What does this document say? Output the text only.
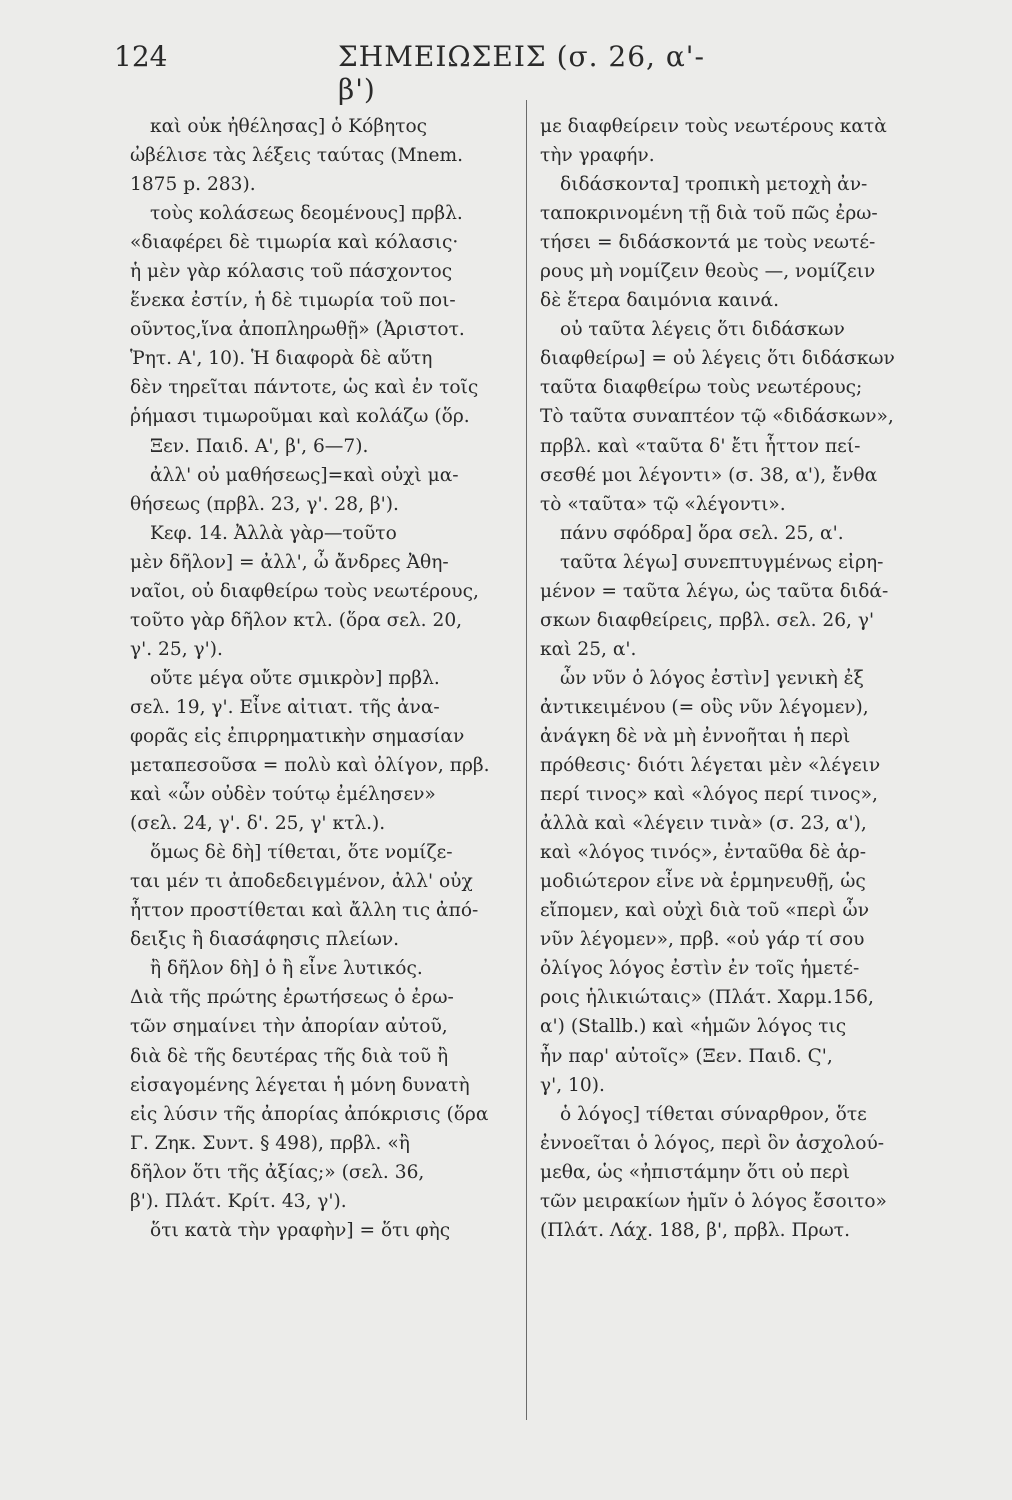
124	ΣΗΜΕΙΩΣΕΙΣ (σ. 26, α'-β')
καὶ οὐκ ἠθέλησας] ὁ Κόβητος
ὠβέλισε τὰς λέξεις ταύτας (Mnem.
1875 p. 283).
τοὺς κολάσεως δεομένους] πρβλ.
«διαφέρει δὲ τιμωρία καὶ κόλασις·
ἡ μὲν γὰρ κόλασις τοῦ πάσχοντος
ἕνεκα ἐστίν, ἡ δὲ τιμωρία τοῦ ποι-
οῦντος,ἵνα ἀποπληρωθῇ» (Ἀριστοτ.
Ῥητ. Α', 10). Ἡ διαφορὰ δὲ αὕτη
δὲν τηρεῖται πάντοτε, ὡς καὶ ἐν τοῖς
ῥήμασι τιμωροῦμαι καὶ κολάζω (ὅρ.
Ξεν. Παιδ. Α', β', 6—7).
ἀλλ' οὐ μαθήσεως]=καὶ οὐχὶ μα-
θήσεως (πρβλ. 23, γ'. 28, β').
Κεφ. 14. Ἀλλὰ γὰρ—τοῦτο
μὲν δῆλον] = ἀλλ', ὦ ἄνδρες Ἀθη-
ναῖοι, οὐ διαφθείρω τοὺς νεωτέρους,
τοῦτο γὰρ δῆλον κτλ. (ὅρα σελ. 20,
γ'. 25, γ').
οὔτε μέγα οὔτε σμικρὸν] πρβλ.
σελ. 19, γ'. Εἶνε αἰτιατ. τῆς ἀνα-
φορᾶς εἰς ἐπιρρηματικὴν σημασίαν
μεταπεσοῦσα = πολὺ καὶ ὀλίγον, πρβ.
καὶ «ὧν οὐδὲν τούτῳ ἐμέλησεν»
(σελ. 24, γ'. δ'. 25, γ' κτλ.).
ὅμως δὲ δὴ] τίθεται, ὅτε νομίζε-
ται μέν τι ἀποδεδειγμένον, ἀλλ' οὐχ
ἧττον προστίθεται καὶ ἄλλη τις ἀπό-
δειξις ἢ διασάφησις πλείων.
ἢ δῆλον δὴ] ὁ ἢ εἶνε λυτικός.
Διὰ τῆς πρώτης ἐρωτήσεως ὁ ἐρω-
τῶν σημαίνει τὴν ἀπορίαν αὐτοῦ,
διὰ δὲ τῆς δευτέρας τῆς διὰ τοῦ ἢ
εἰσαγομένης λέγεται ἡ μόνη δυνατὴ
εἰς λύσιν τῆς ἀπορίας ἀπόκρισις (ὅρα
Γ. Ζηκ. Συντ. § 498), πρβλ. «ἢ
δῆλον ὅτι τῆς ἀξίας;» (σελ. 36,
β'). Πλάτ. Κρίτ. 43, γ').
ὅτι κατὰ τὴν γραφὴν] = ὅτι φὴς
με διαφθείρειν τοὺς νεωτέρους κατὰ
τὴν γραφήν.
διδάσκοντα] τροπικὴ μετοχὴ ἀν-
ταποκρινομένη τῇ διὰ τοῦ πῶς ἐρω-
τήσει = διδάσκοντά με τοὺς νεωτέ-
ρους μὴ νομίζειν θεοὺς —, νομίζειν
δὲ ἕτερα δαιμόνια καινά.
οὐ ταῦτα λέγεις ὅτι διδάσκων
διαφθείρω] = οὐ λέγεις ὅτι διδάσκων
ταῦτα διαφθείρω τοὺς νεωτέρους;
Τὸ ταῦτα συναπτέον τῷ «διδάσκων»,
πρβλ. καὶ «ταῦτα δ' ἔτι ἧττον πεί-
σεσθέ μοι λέγοντι» (σ. 38, α'), ἔνθα
τὸ «ταῦτα» τῷ «λέγοντι».
πάνυ σφόδρα] ὅρα σελ. 25, α'.
ταῦτα λέγω] συνεπτυγμένως εἰρη-
μένον = ταῦτα λέγω, ὡς ταῦτα διδά-
σκων διαφθείρεις, πρβλ. σελ. 26, γ'
καὶ 25, α'.
ὧν νῦν ὁ λόγος ἐστὶν] γενικὴ ἐξ
ἀντικειμένου (= οὓς νῦν λέγομεν),
ἀνάγκη δὲ νὰ μὴ ἐννοῆται ἡ περὶ
πρόθεσις· διότι λέγεται μὲν «λέγειν
περί τινος» καὶ «λόγος περί τινος»,
ἀλλὰ καὶ «λέγειν τινὰ» (σ. 23, α'),
καὶ «λόγος τινός», ἐνταῦθα δὲ ἁρ-
μοδιώτερον εἶνε νὰ ἑρμηνευθῇ, ὡς
εἴπομεν, καὶ οὐχὶ διὰ τοῦ «περὶ ὧν
νῦν λέγομεν», πρβ. «οὐ γάρ τί σου
ὀλίγος λόγος ἐστὶν ἐν τοῖς ἡμετέ-
ροις ἡλικιώταις» (Πλάτ. Χαρμ.156,
α') (Stallb.) καὶ «ἡμῶν λόγος τις
ἦν παρ' αὐτοῖς» (Ξεν. Παιδ. Ϛ',
γ', 10).
ὁ λόγος] τίθεται σύναρθρον, ὅτε
ἐννοεῖται ὁ λόγος, περὶ ὃν ἀσχολού-
μεθα, ὡς «ἠπιστάμην ὅτι οὐ περὶ
τῶν μειρακίων ἡμῖν ὁ λόγος ἔσοιτο»
(Πλάτ. Λάχ. 188, β', πρβλ. Πρωτ.
